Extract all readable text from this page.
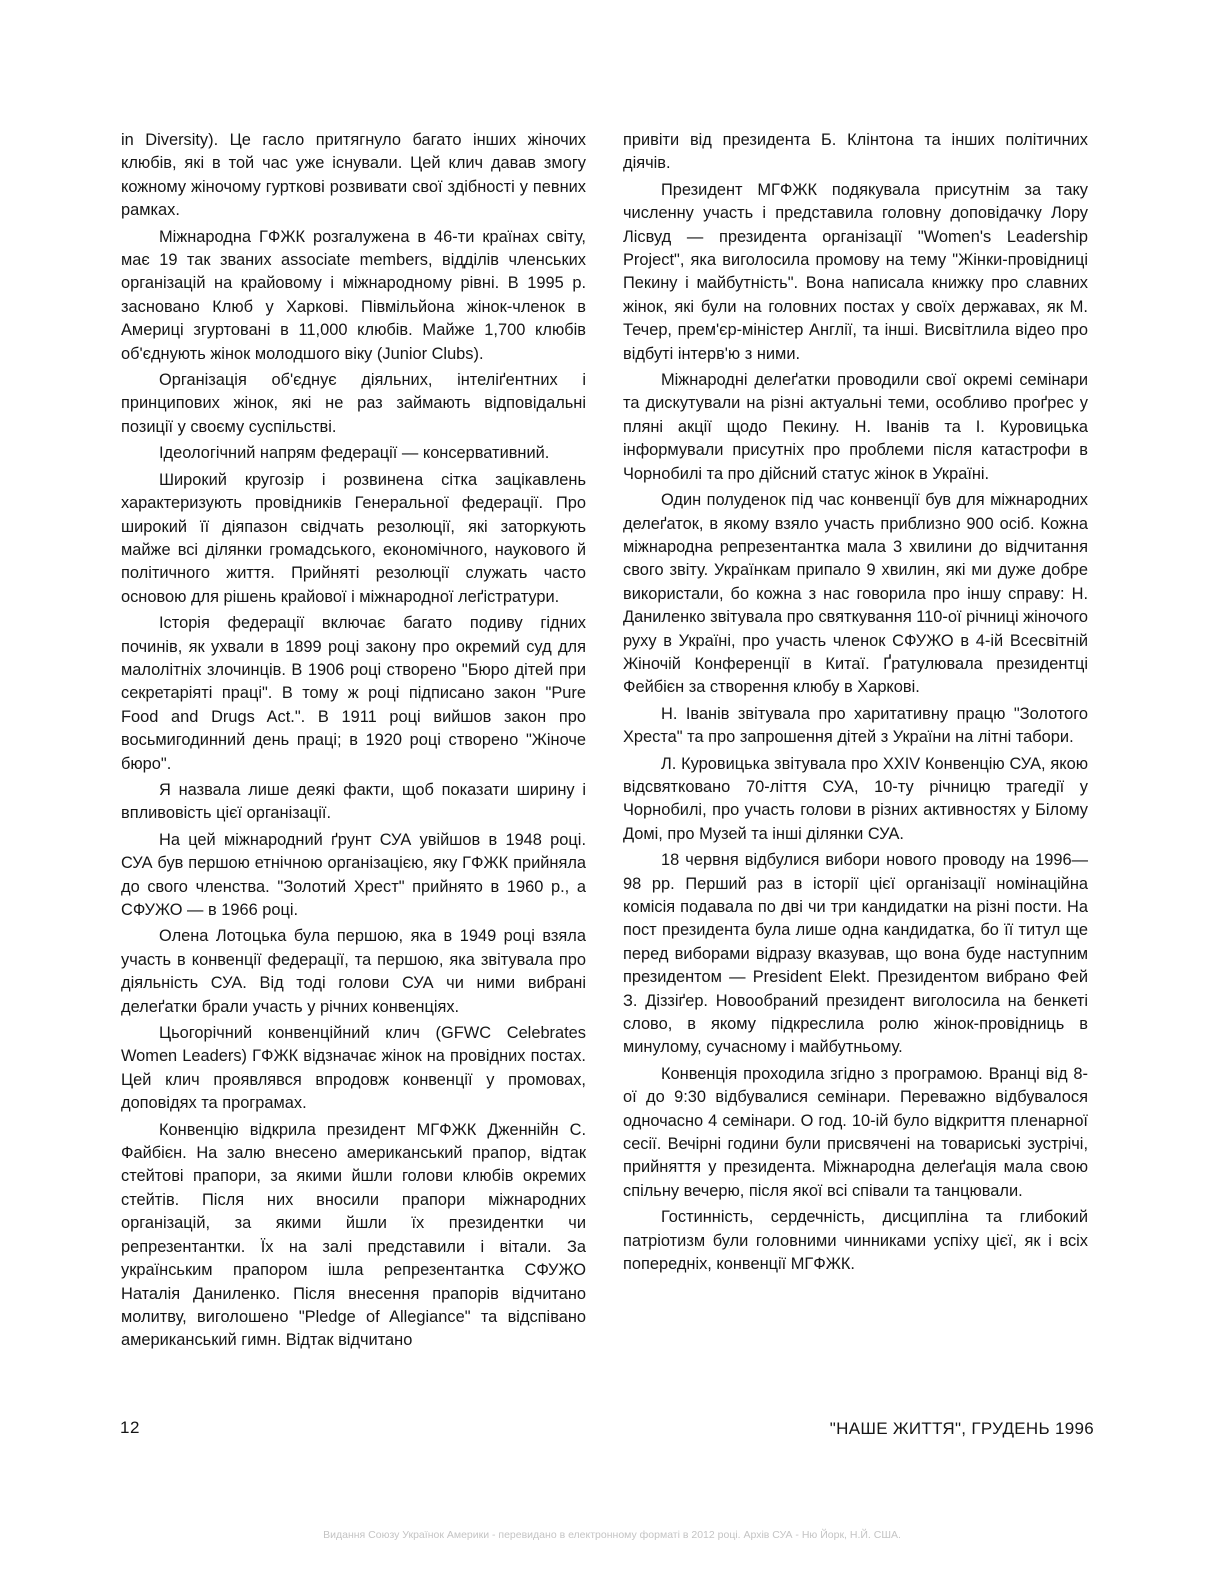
in Diversity). Це гасло притягнуло багато інших жіночих клюбів, які в той час уже існували. Цей клич давав змогу кожному жіночому гуртковi розвивати свої здібності у певних рамках.

Міжнародна ГФЖК розгалужена в 46-ти країнах світу, має 19 так званих associate members, відділів членських організацій на крайовому і міжнародному рівні. В 1995 р. засновано Клюб у Харкові. Пiвмільйона жінок-членок в Америці згуртовані в 11,000 клюбів. Майже 1,700 клюбів об'єднують жінок молодшого віку (Junior Clubs).

Організація об'єднує діяльних, інтеліґентних і принципових жінок, які не раз займають відповідальні позиції у своєму суспільстві.

Ідеологічний напрям федерації — консервативний.

Широкий кругозір і розвинена сітка зацікавлень характеризують провідників Генеральної федерації. Про широкий її діяпазон свідчать резолюції, які заторкують майже всі ділянки громадського, економічного, наукового й політичного життя. Прийняті резолюції служать часто основою для рішень крайової і міжнародної леґістратури.

Історія федерації включає багато подиву гідних починів, як ухвали в 1899 році закону про окремий суд для малолітніх злочинців. В 1906 році створено "Бюро дітей при секретаріяті праці". В тому ж році підписано закон "Pure Food and Drugs Act.". В 1911 році вийшов закон про восьмигодинний день праці; в 1920 році створено "Жіноче бюро".

Я назвала лише деякі факти, щоб показати ширину і впливовість цієї організації.

На цей міжнародний ґрунт СУА увійшов в 1948 році. СУА був першою етнічною організацією, яку ГФЖК прийняла до свого членства. "Золотий Хрест" прийнято в 1960 р., а СФУЖО — в 1966 році.

Олена Лотоцька була першою, яка в 1949 році взяла участь в конвенції федерації, та першою, яка звітувала про діяльність СУА. Від тоді голови СУА чи ними вибрані делеґатки брали участь у річних конвенціях.

Цьогорічний конвенційний клич (GFWC Celebrates Women Leaders) ГФЖК відзначає жінок на провідних постах. Цей клич проявлявся впродовж конвенції у промовах, доповідях та програмах.

Конвенцію відкрила президент МГФЖК Дженнійн С. Файбієн. На залю внесено американський прапор, відтак стейтові прапори, за якими йшли голови клюбів окремих стейтів. Після них вносили прапори міжнародних організацій, за якими йшли їх президентки чи репрезентантки. Їх на залі представили і вітали. За українським прапором ішла репрезентантка СФУЖО Наталія Даниленко. Після внесення прапорів відчитано молитву, виголошено "Pledge of Allegiance" та відспівано американський гимн. Відтак відчитано

привіти від президента Б. Клінтона та інших політичних діячів.

Президент МГФЖК подякувала присутнім за таку численну участь і представила головну доповідачку Лору Лісвуд — президента організації "Women's Leadership Project", яка виголосила промову на тему "Жінки-провідниці Пекину і майбутність". Вона написала книжку про славних жінок, які були на головних постах у своїх державах, як М. Течер, прем'єр-міністер Англії, та інші. Висвітлила відео про відбуті інтерв'ю з ними.

Міжнародні делеґатки проводили свої окремі семінари та дискутували на різні актуальні теми, особливо проґрес у пляні акції щодо Пекину. Н. Іванів та І. Куровицька інформували присутніх про проблеми після катастрофи в Чорнобилі та про дійсний статус жінок в Україні.

Один полуденок під час конвенції був для міжнародних делеґаток, в якому взяло участь приблизно 900 осіб. Кожна міжнародна репрезентантка мала 3 хвилини до відчитання свого звіту. Українкам припало 9 хвилин, які ми дуже добре використали, бо кожна з нас говорила про іншу справу: Н. Даниленко звітувала про святкування 110-ої річниці жіночого руху в Україні, про участь членок СФУЖО в 4-ій Всесвітній Жіночій Конференції в Китаї. Ґратулювала президентці Фейбієн за створення клюбу в Харкові.

Н. Іванів звітувала про харитативну працю "Золотого Хреста" та про запрошення дітей з України на літні табори.

Л. Куровицька звітувала про XXIV Конвенцію СУА, якою відсвятковано 70-ліття СУА, 10-ту річницю трагедії у Чорнобилі, про участь голови в різних активностях у Білому Домі, про Музей та інші ділянки СУА.

18 червня відбулися вибори нового проводу на 1996—98 рр. Перший раз в історії цієї організації номінаційна комісія подавала по дві чи три кандидатки на різні пости. На пост президента була лише одна кандидатка, бо її титул ще перед виборами відразу вказував, що вона буде наступним президентом — President Elekt. Президентом вибрано Фей З. Дiззiґер. Новообраний президент виголосила на бенкеті слово, в якому підкреслила ролю жінок-провідниць в минулому, сучасному і майбутньому.

Конвенція проходила згідно з програмою. Вранці від 8-ої до 9:30 відбувалися семінари. Переважно відбувалося одночасно 4 семінари. О год. 10-ій було відкриття пленарної сесії. Вечірні години були присвячені на товариські зустрічі, прийняття у президента. Міжнародна делеґація мала свою спільну вечерю, після якої всі співали та танцювали.

Гостинність, сердечність, дисципліна та глибокий патріотизм були головними чинниками успіху цієї, як і всіх попередніх, конвенції МГФЖК.

12	"НАШЕ ЖИТТЯ", ГРУДЕНЬ 1996
Видання Союзу Українок Америки - перевидано в електронному форматі в 2012 році. Архів СУА - Ню Йорк, Н.Й. США.
